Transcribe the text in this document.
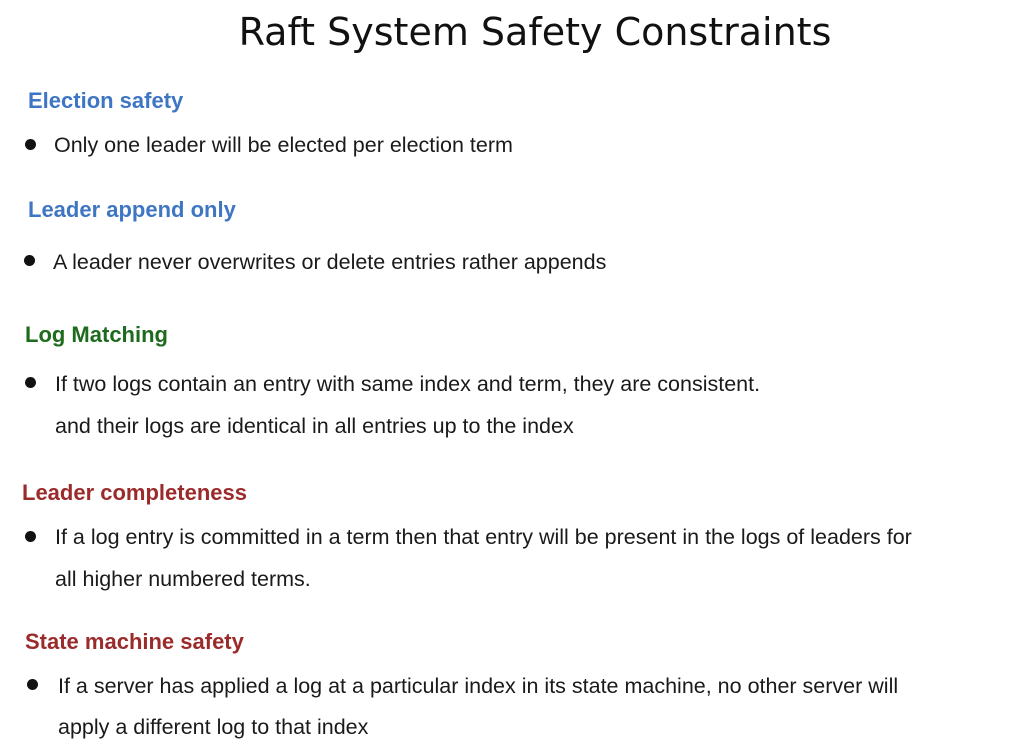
Raft System Safety Constraints
Election safety
Only one leader will be elected per election term
Leader append only
A leader never overwrites or delete entries rather appends
Log Matching
If two logs contain an entry with same index and term, they are consistent.
and their logs are identical in all entries up to the index
Leader completeness
If a log entry is committed in a term then that entry will be present in the logs of leaders for
all higher numbered terms.
State machine safety
If a server has applied a log at a particular index in its state machine, no other server will
apply a different log to that index
